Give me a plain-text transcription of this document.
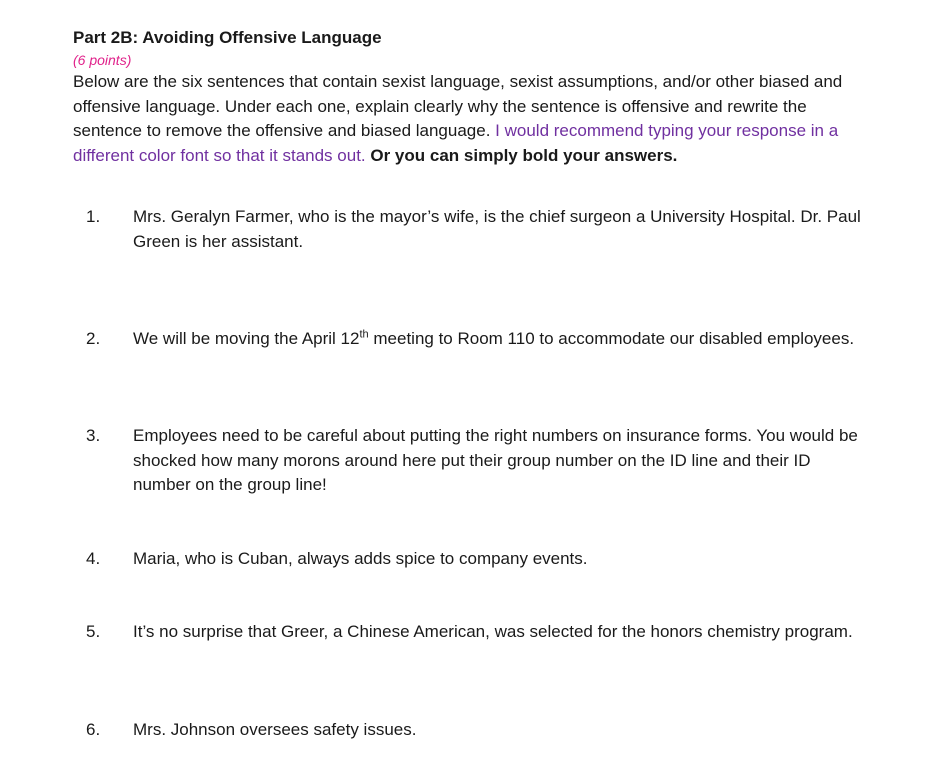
Part 2B: Avoiding Offensive Language

(6 points)

Below are the six sentences that contain sexist language, sexist assumptions, and/or other biased and offensive language. Under each one, explain clearly why the sentence is offensive and rewrite the sentence to remove the offensive and biased language. I would recommend typing your response in a different color font so that it stands out. Or you can simply bold your answers.

1.	Mrs. Geralyn Farmer, who is the mayor’s wife, is the chief surgeon a University Hospital. Dr. Paul Green is her assistant.
2.	We will be moving the April 12th meeting to Room 110 to accommodate our disabled employees.
3.	Employees need to be careful about putting the right numbers on insurance forms. You would be shocked how many morons around here put their group number on the ID line and their ID number on the group line!
4.	Maria, who is Cuban, always adds spice to company events.
5.	It’s no surprise that Greer, a Chinese American, was selected for the honors chemistry program.
6.	Mrs. Johnson oversees safety issues.
